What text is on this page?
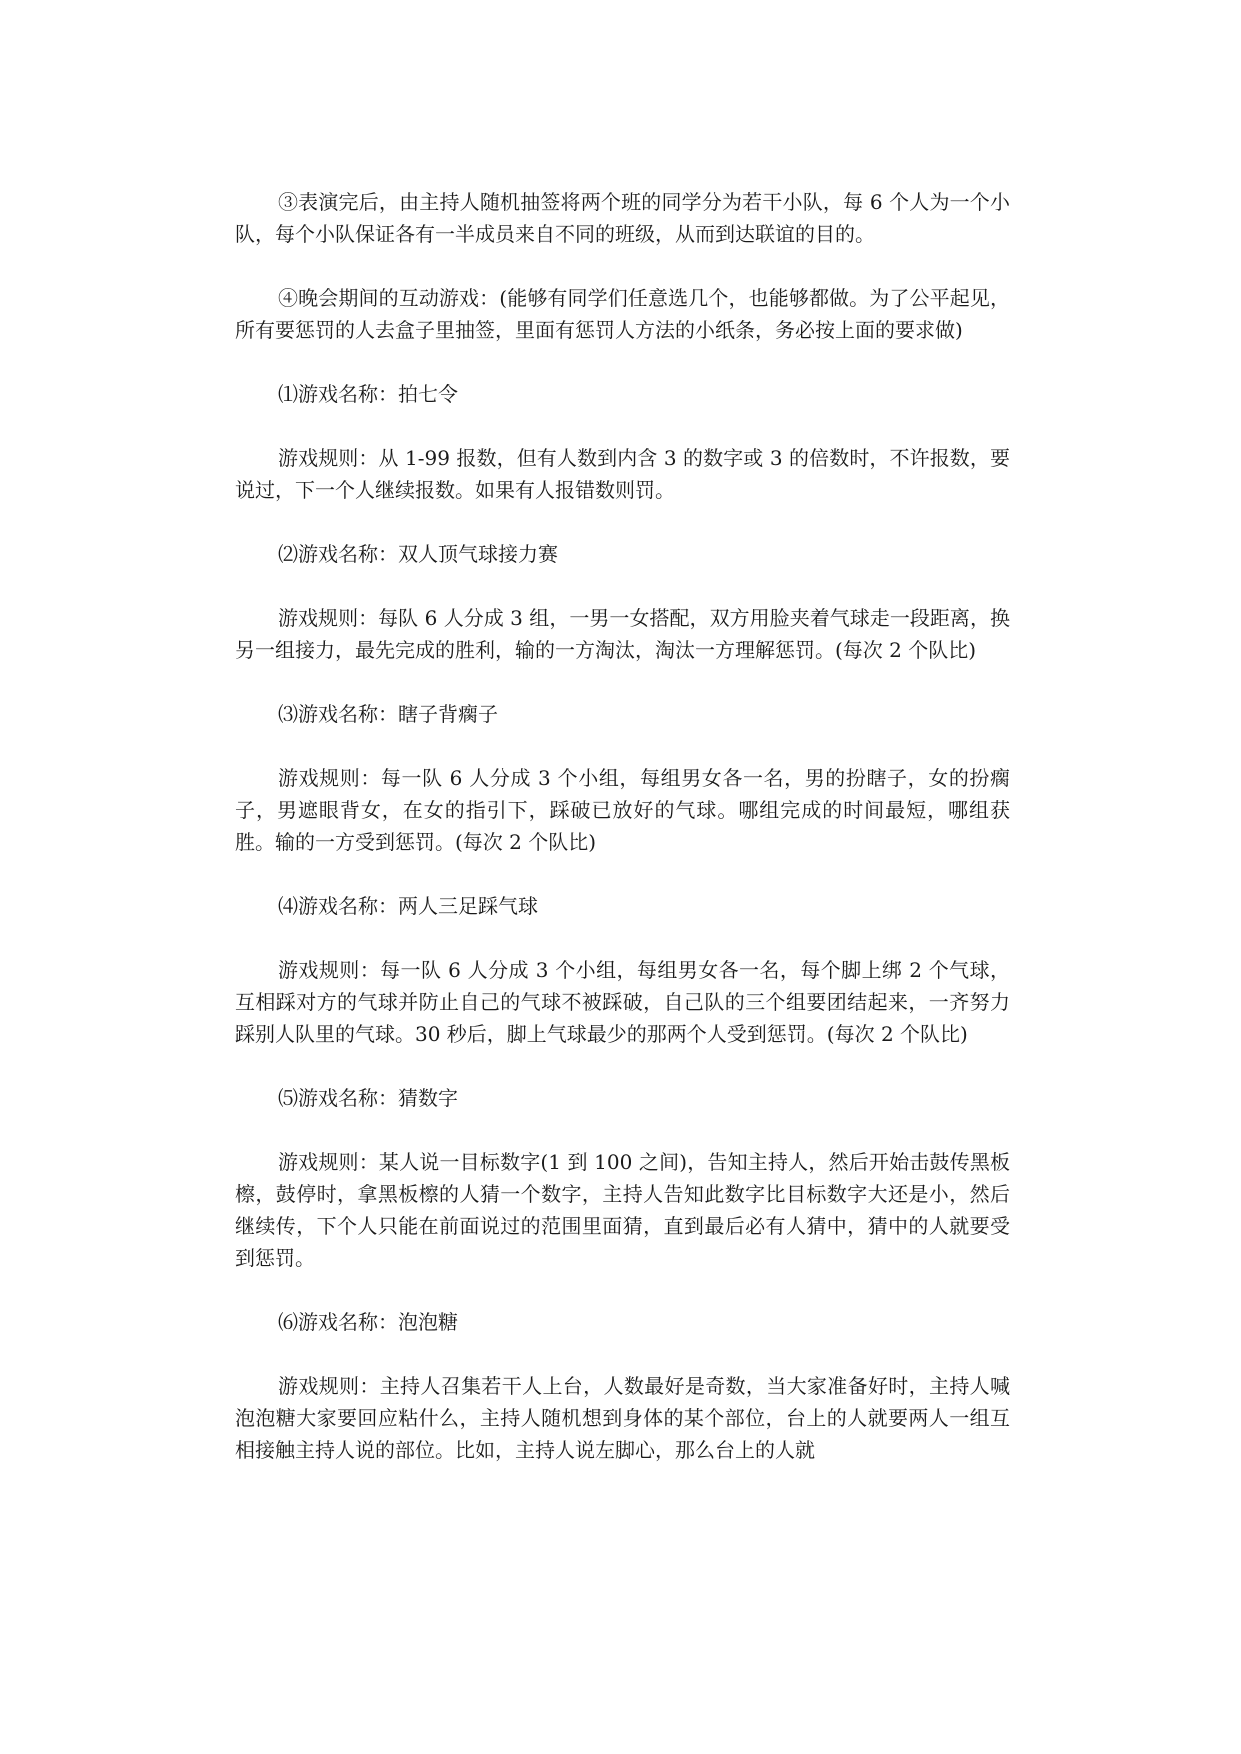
③表演完后，由主持人随机抽签将两个班的同学分为若干小队，每 6 个人为一个小队，每个小队保证各有一半成员来自不同的班级，从而到达联谊的目的。

④晚会期间的互动游戏：(能够有同学们任意选几个，也能够都做。为了公平起见，所有要惩罚的人去盒子里抽签，里面有惩罚人方法的小纸条，务必按上面的要求做)

⑴游戏名称：拍七令

游戏规则：从 1-99 报数，但有人数到内含 3 的数字或 3 的倍数时，不许报数，要说过，下一个人继续报数。如果有人报错数则罚。

⑵游戏名称：双人顶气球接力赛

游戏规则：每队 6 人分成 3 组，一男一女搭配，双方用脸夹着气球走一段距离，换另一组接力，最先完成的胜利，输的一方淘汰，淘汰一方理解惩罚。(每次 2 个队比)

⑶游戏名称：瞎子背瘸子

游戏规则：每一队 6 人分成 3 个小组，每组男女各一名，男的扮瞎子，女的扮瘸子，男遮眼背女，在女的指引下，踩破已放好的气球。哪组完成的时间最短，哪组获胜。输的一方受到惩罚。(每次 2 个队比)

⑷游戏名称：两人三足踩气球

游戏规则：每一队 6 人分成 3 个小组，每组男女各一名，每个脚上绑 2 个气球，互相踩对方的气球并防止自己的气球不被踩破，自己队的三个组要团结起来，一齐努力踩别人队里的气球。30 秒后，脚上气球最少的那两个人受到惩罚。(每次 2 个队比)

⑸游戏名称：猜数字

游戏规则：某人说一目标数字(1 到 100 之间)，告知主持人，然后开始击鼓传黑板檫，鼓停时，拿黑板檫的人猜一个数字，主持人告知此数字比目标数字大还是小，然后继续传，下个人只能在前面说过的范围里面猜，直到最后必有人猜中，猜中的人就要受到惩罚。

⑹游戏名称：泡泡糖

游戏规则：主持人召集若干人上台，人数最好是奇数，当大家准备好时，主持人喊泡泡糖大家要回应粘什么，主持人随机想到身体的某个部位，台上的人就要两人一组互相接触主持人说的部位。比如，主持人说左脚心，那么台上的人就
